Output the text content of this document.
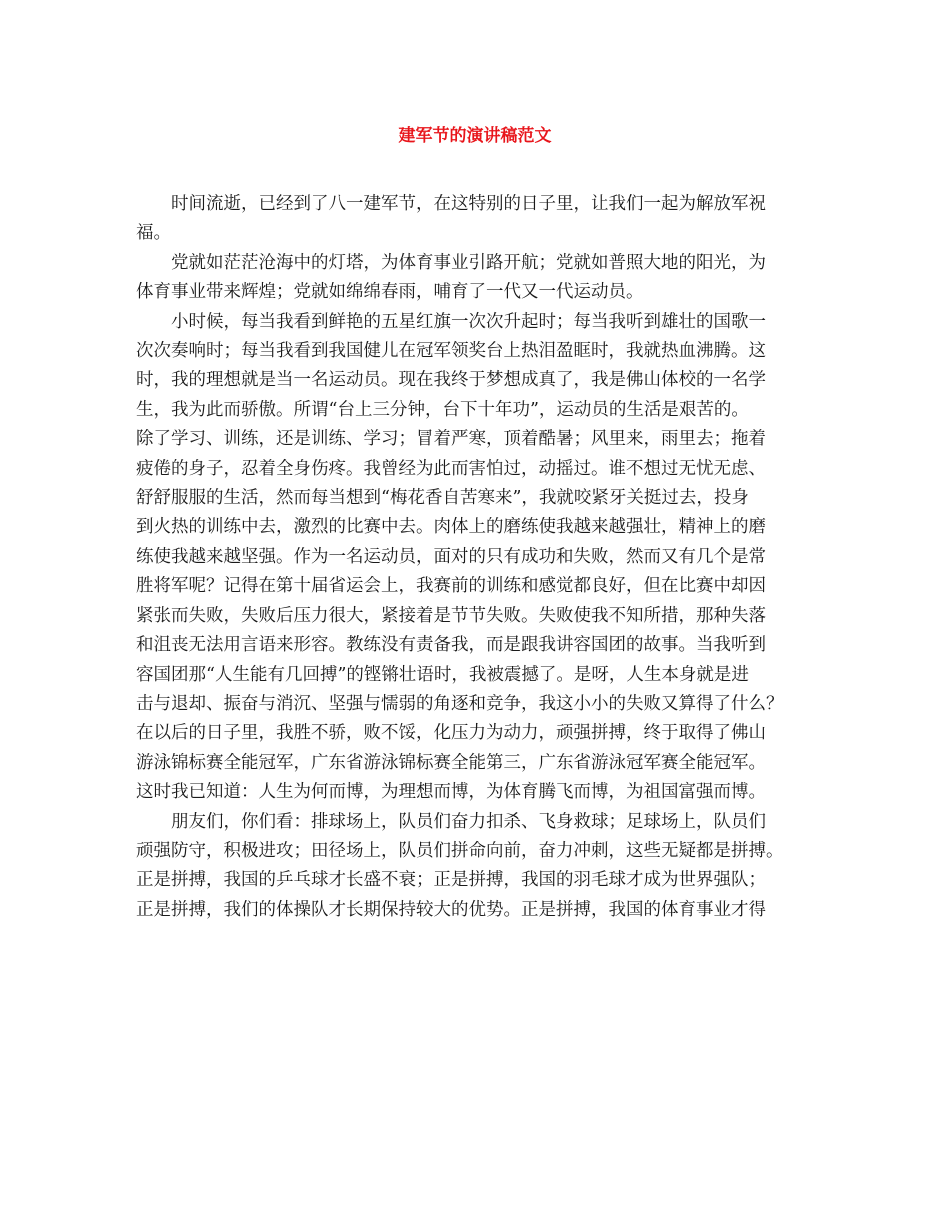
建军节的演讲稿范文
时间流逝，已经到了八一建军节，在这特别的日子里，让我们一起为解放军祝
福。
党就如茫茫沧海中的灯塔，为体育事业引路开航；党就如普照大地的阳光，为
体育事业带来辉煌；党就如绵绵春雨，哺育了一代又一代运动员。
小时候，每当我看到鲜艳的五星红旗一次次升起时；每当我听到雄壮的国歌一
次次奏响时；每当我看到我国健儿在冠军领奖台上热泪盈眶时，我就热血沸腾。这
时，我的理想就是当一名运动员。现在我终于梦想成真了，我是佛山体校的一名学
生，我为此而骄傲。所谓“台上三分钟，台下十年功”，运动员的生活是艰苦的。
除了学习、训练，还是训练、学习；冒着严寒，顶着酷暑；风里来，雨里去；拖着
疲倦的身子，忍着全身伤疼。我曾经为此而害怕过，动摇过。谁不想过无忧无虑、
舒舒服服的生活，然而每当想到“梅花香自苦寒来”，我就咬紧牙关挺过去，投身
到火热的训练中去，激烈的比赛中去。肉体上的磨练使我越来越强壮，精神上的磨
练使我越来越坚强。作为一名运动员，面对的只有成功和失败，然而又有几个是常
胜将军呢？记得在第十届省运会上，我赛前的训练和感觉都良好，但在比赛中却因
紧张而失败，失败后压力很大，紧接着是节节失败。失败使我不知所措，那种失落
和沮丧无法用言语来形容。教练没有责备我，而是跟我讲容国团的故事。当我听到
容国团那“人生能有几回搏”的铿锵壮语时，我被震撼了。是呀，人生本身就是进
击与退却、振奋与消沉、坚强与懦弱的角逐和竞争，我这小小的失败又算得了什么？
在以后的日子里，我胜不骄，败不馁，化压力为动力，顽强拼搏，终于取得了佛山
游泳锦标赛全能冠军，广东省游泳锦标赛全能第三，广东省游泳冠军赛全能冠军。
这时我已知道：人生为何而博，为理想而博，为体育腾飞而博，为祖国富强而博。
朋友们，你们看：排球场上，队员们奋力扣杀、飞身救球；足球场上，队员们
顽强防守，积极进攻；田径场上，队员们拼命向前，奋力冲刺，这些无疑都是拼搏。
正是拼搏，我国的乒乓球才长盛不衰；正是拼搏，我国的羽毛球才成为世界强队；
正是拼搏，我们的体操队才长期保持较大的优势。正是拼搏，我国的体育事业才得
